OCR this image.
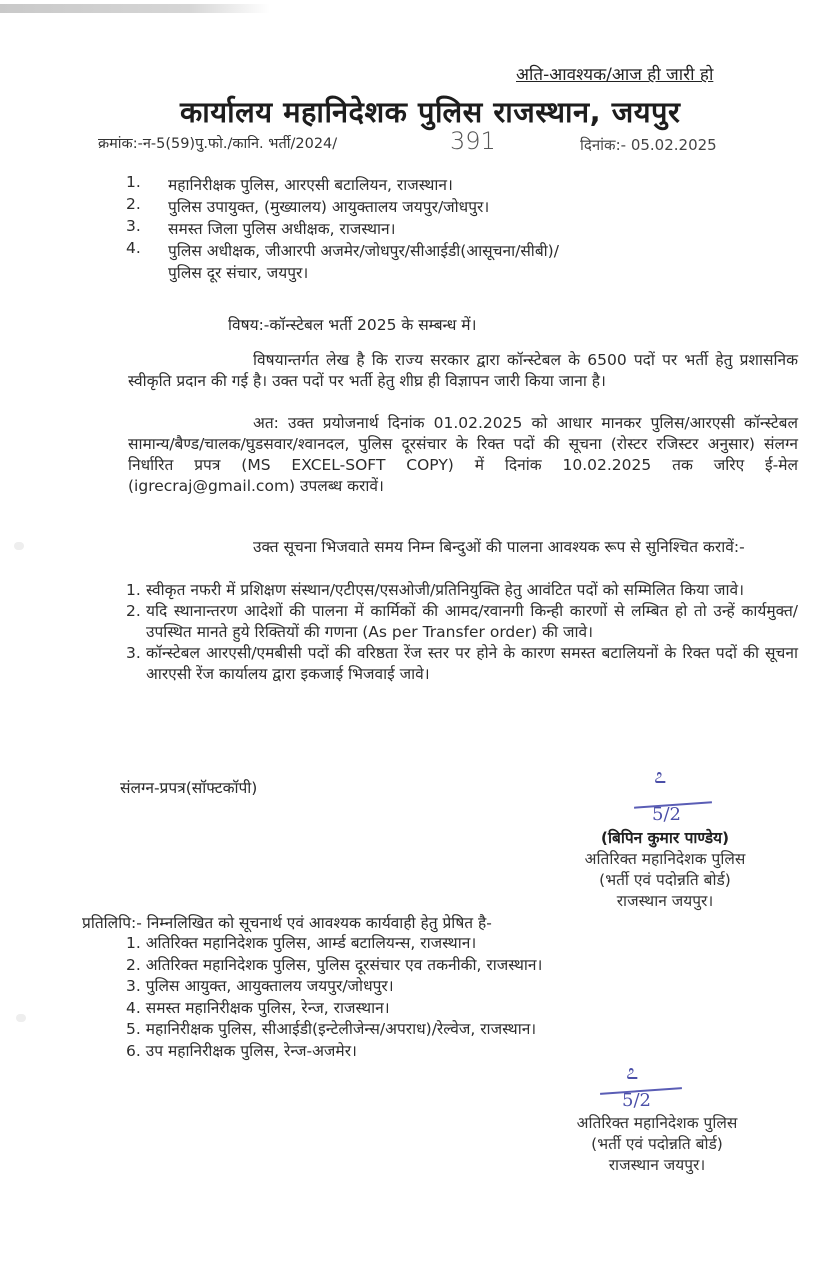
अति-आवश्यक/आज ही जारी हो
कार्यालय महानिदेशक पुलिस राजस्थान, जयपुर
क्रमांक:-न-5(59)पु.फो./कानि. भर्ती/2024/	391	दिनांक:- 05.02.2025
1. महानिरीक्षक पुलिस, आरएसी बटालियन, राजस्थान।
2. पुलिस उपायुक्त, (मुख्यालय) आयुक्तालय जयपुर/जोधपुर।
3. समस्त जिला पुलिस अधीक्षक, राजस्थान।
4. पुलिस अधीक्षक, जीआरपी अजमेर/जोधपुर/सीआईडी(आसूचना/सीबी)/
पुलिस दूर संचार, जयपुर।
विषय:-कॉन्स्टेबल भर्ती 2025 के सम्बन्ध में।
विषयान्तर्गत लेख है कि राज्य सरकार द्वारा कॉन्स्टेबल के 6500 पदों पर भर्ती हेतु प्रशासनिक स्वीकृति प्रदान की गई है। उक्त पदों पर भर्ती हेतु शीघ्र ही विज्ञापन जारी किया जाना है।
अत: उक्त प्रयोजनार्थ दिनांक 01.02.2025 को आधार मानकर पुलिस/आरएसी कॉन्स्टेबल सामान्य/बैण्ड/चालक/घुडसवार/श्वानदल, पुलिस दूरसंचार के रिक्त पदों की सूचना (रोस्टर रजिस्टर अनुसार) संलग्न निर्धारित प्रपत्र (MS EXCEL-SOFT COPY) में दिनांक 10.02.2025 तक जरिए ई-मेल (igrecraj@gmail.com) उपलब्ध करावें।
उक्त सूचना भिजवाते समय निम्न बिन्दुओं की पालना आवश्यक रूप से सुनिश्चित करावें:-
1. स्वीकृत नफरी में प्रशिक्षण संस्थान/एटीएस/एसओजी/प्रतिनियुक्ति हेतु आवंटित पदों को सम्मिलित किया जावे।
2. यदि स्थानान्तरण आदेशों की पालना में कार्मिकों की आमद/रवानगी किन्ही कारणों से लम्बित हो तो उन्हें कार्यमुक्त/उपस्थित मानते हुये रिक्तियों की गणना (As per Transfer order) की जावे।
3. कॉन्स्टेबल आरएसी/एमबीसी पदों की वरिष्ठता रेंज स्तर पर होने के कारण समस्त बटालियनों के रिक्त पदों की सूचना आरएसी रेंज कार्यालय द्वारा इकजाई भिजवाई जावे।
संलग्न-प्रपत्र(सॉफ्टकॉपी)	೭
5/2
(बिपिन कुमार पाण्डेय)
अतिरिक्त महानिदेशक पुलिस
(भर्ती एवं पदोन्नति बोर्ड)
राजस्थान जयपुर।
प्रतिलिपि:- निम्नलिखित को सूचनार्थ एवं आवश्यक कार्यवाही हेतु प्रेषित है-
1. अतिरिक्त महानिदेशक पुलिस, आर्म्ड बटालियन्स, राजस्थान।
2. अतिरिक्त महानिदेशक पुलिस, पुलिस दूरसंचार एव तकनीकी, राजस्थान।
3. पुलिस आयुक्त, आयुक्तालय जयपुर/जोधपुर।
4. समस्त महानिरीक्षक पुलिस, रेन्ज, राजस्थान।
5. महानिरीक्षक पुलिस, सीआईडी(इन्टेलीजेन्स/अपराध)/रेल्वेज, राजस्थान।
6. उप महानिरीक्षक पुलिस, रेन्ज-अजमेर।
೭
5/2
अतिरिक्त महानिदेशक पुलिस
(भर्ती एवं पदोन्नति बोर्ड)
राजस्थान जयपुर।
